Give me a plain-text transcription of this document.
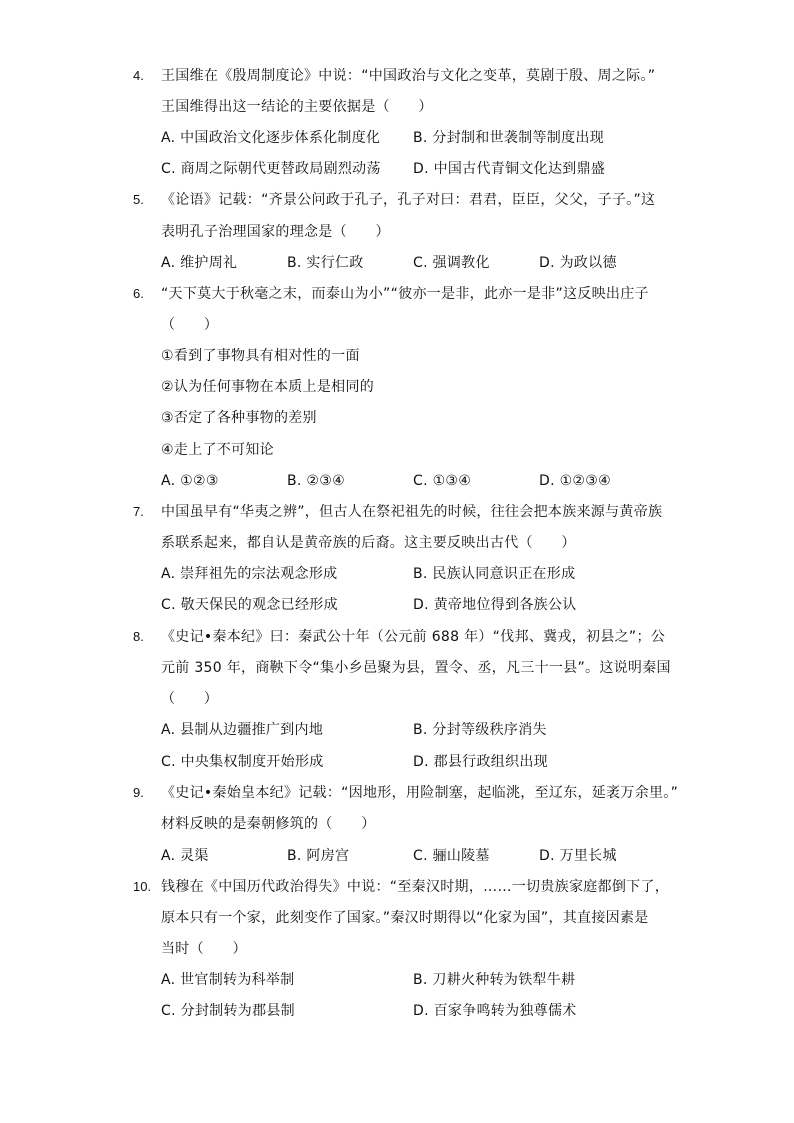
4. 王国维在《殷周制度论》中说：“中国政治与文化之变革，莫剧于殷、周之际。”
王国维得出这一结论的主要依据是（　　）
A. 中国政治文化逐步体系化制度化 B. 分封制和世袭制等制度出现
C. 商周之际朝代更替政局剧烈动荡 D. 中国古代青铜文化达到鼎盛
5. 《论语》记载：“齐景公问政于孔子，孔子对曰：君君，臣臣，父父，子子。”这
表明孔子治理国家的理念是（　　）
A. 维护周礼	B. 实行仁政	C. 强调教化	D. 为政以德
6. “天下莫大于秋毫之末，而泰山为小”“彼亦一是非，此亦一是非”这反映出庄子
（　　）
①看到了事物具有相对性的一面
②认为任何事物在本质上是相同的
③否定了各种事物的差别
④走上了不可知论
A. ①②③	B. ②③④	C. ①③④	D. ①②③④
7. 中国虽早有“华夷之辨”，但古人在祭祀祖先的时候，往往会把本族来源与黄帝族
系联系起来，都自认是黄帝族的后裔。这主要反映出古代（　　）
A. 崇拜祖先的宗法观念形成	B. 民族认同意识正在形成
C. 敬天保民的观念已经形成	D. 黄帝地位得到各族公认
8. 《史记•秦本纪》曰：秦武公十年（公元前 688 年）“伐邦、冀戎，初县之”；公
元前 350 年，商鞅下令“集小乡邑聚为县，置令、丞，凡三十一县”。这说明秦国
（　　）
A. 县制从边疆推广到内地	B. 分封等级秩序消失
C. 中央集权制度开始形成	D. 郡县行政组织出现
9. 《史记•秦始皇本纪》记载：“因地形，用险制塞，起临洮，至辽东，延袤万余里。”
材料反映的是秦朝修筑的（　　）
A. 灵渠	B. 阿房宫	C. 骊山陵墓	D. 万里长城
10. 钱穆在《中国历代政治得失》中说：“至秦汉时期，……一切贵族家庭都倒下了，
原本只有一个家，此刻变作了国家。”秦汉时期得以“化家为国”，其直接因素是
当时（　　）
A. 世官制转为科举制	B. 刀耕火种转为铁犁牛耕
C. 分封制转为郡县制	D. 百家争鸣转为独尊儒术
